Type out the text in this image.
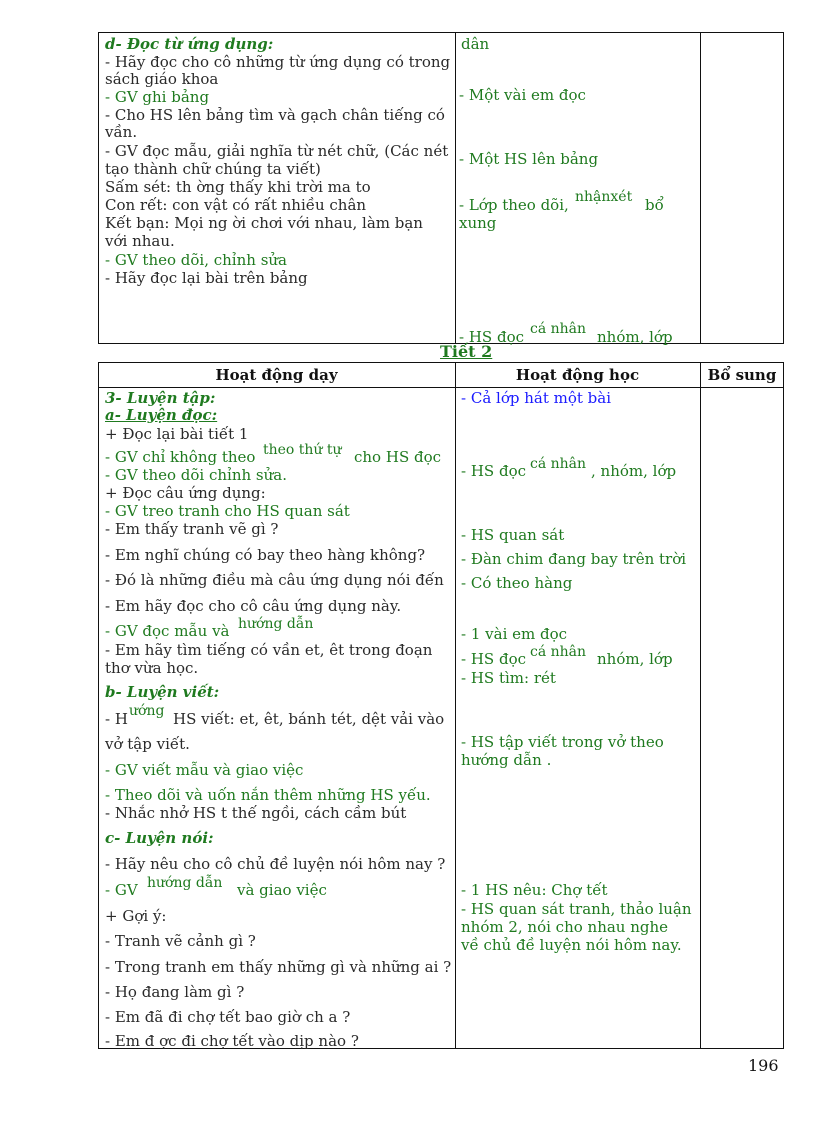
d- Đọc từ ứng dụng:
- Hãy đọc cho cô những từ ứng dụng có trong
sách giáo khoa
- GV ghi bảng
- Cho HS lên bảng tìm và gạch chân tiếng có
vần.
- GV đọc mẫu, giải nghĩa từ nét chữ, (Các nét
tạo thành chữ chúng ta viết)
Sấm sét: th ờng thấy khi trời ma to
Con rết: con vật có rất nhiều chân
Kết bạn: Mọi ng ời chơi với nhau, làm bạn
với nhau.
- GV theo dõi, chỉnh sửa
- Hãy đọc lại bài trên bảng
dân
- Một vài em đọc
- Một HS lên bảng
- Lớp theo dõi, nhậnxét bổ
xung
- HS đọc cá nhân nhóm, lớp
Tiết 2
Hoạt động dạy	Hoạt động học	Bổ sung
3- Luyện tập:
a- Luyện đọc:
+ Đọc lại bài tiết 1
- GV chỉ không theo theo thứ tự cho HS đọc
- GV theo dõi chỉnh sửa.
+ Đọc câu ứng dụng:
- GV treo tranh cho HS quan sát
- Em thấy tranh vẽ gì ?
- Em nghĩ chúng có bay theo hàng không?
- Đó là những điều mà câu ứng dụng nói đến
- Em hãy đọc cho cô câu ứng dụng này.
- GV đọc mẫu và hướng dẫn
- Em hãy tìm tiếng có vần et, êt trong đoạn
thơ vừa học.
b- Luyện viết:
- H ướng HS viết: et, êt, bánh tét, dệt vải vào
vở tập viết.
- GV viết mẫu và giao việc
- Theo dõi và uốn nắn thêm những HS yếu.
- Nhắc nhở HS t thế ngồi, cách cầm bút
c- Luyện nói:
- Hãy nêu cho cô chủ đề luyện nói hôm nay ?
- GV hướng dẫn và giao việc
+ Gợi ý:
- Tranh vẽ cảnh gì ?
- Trong tranh em thấy những gì và những ai ?
- Họ đang làm gì ?
- Em đã đi chợ tết bao giờ ch a ?
- Em đ ợc đi chợ tết vào dịp nào ?
- Cả lớp hát một bài
- HS đọc cá nhân , nhóm, lớp
- HS quan sát
- Đàn chim đang bay trên trời
- Có theo hàng
- 1 vài em đọc
- HS đọc cá nhân nhóm, lớp
- HS tìm: rét
- HS tập viết trong vở theo
hướng dẫn .
- 1 HS nêu: Chợ tết
- HS quan sát tranh, thảo luận
nhóm 2, nói cho nhau nghe
về chủ đề luyện nói hôm nay.
196
